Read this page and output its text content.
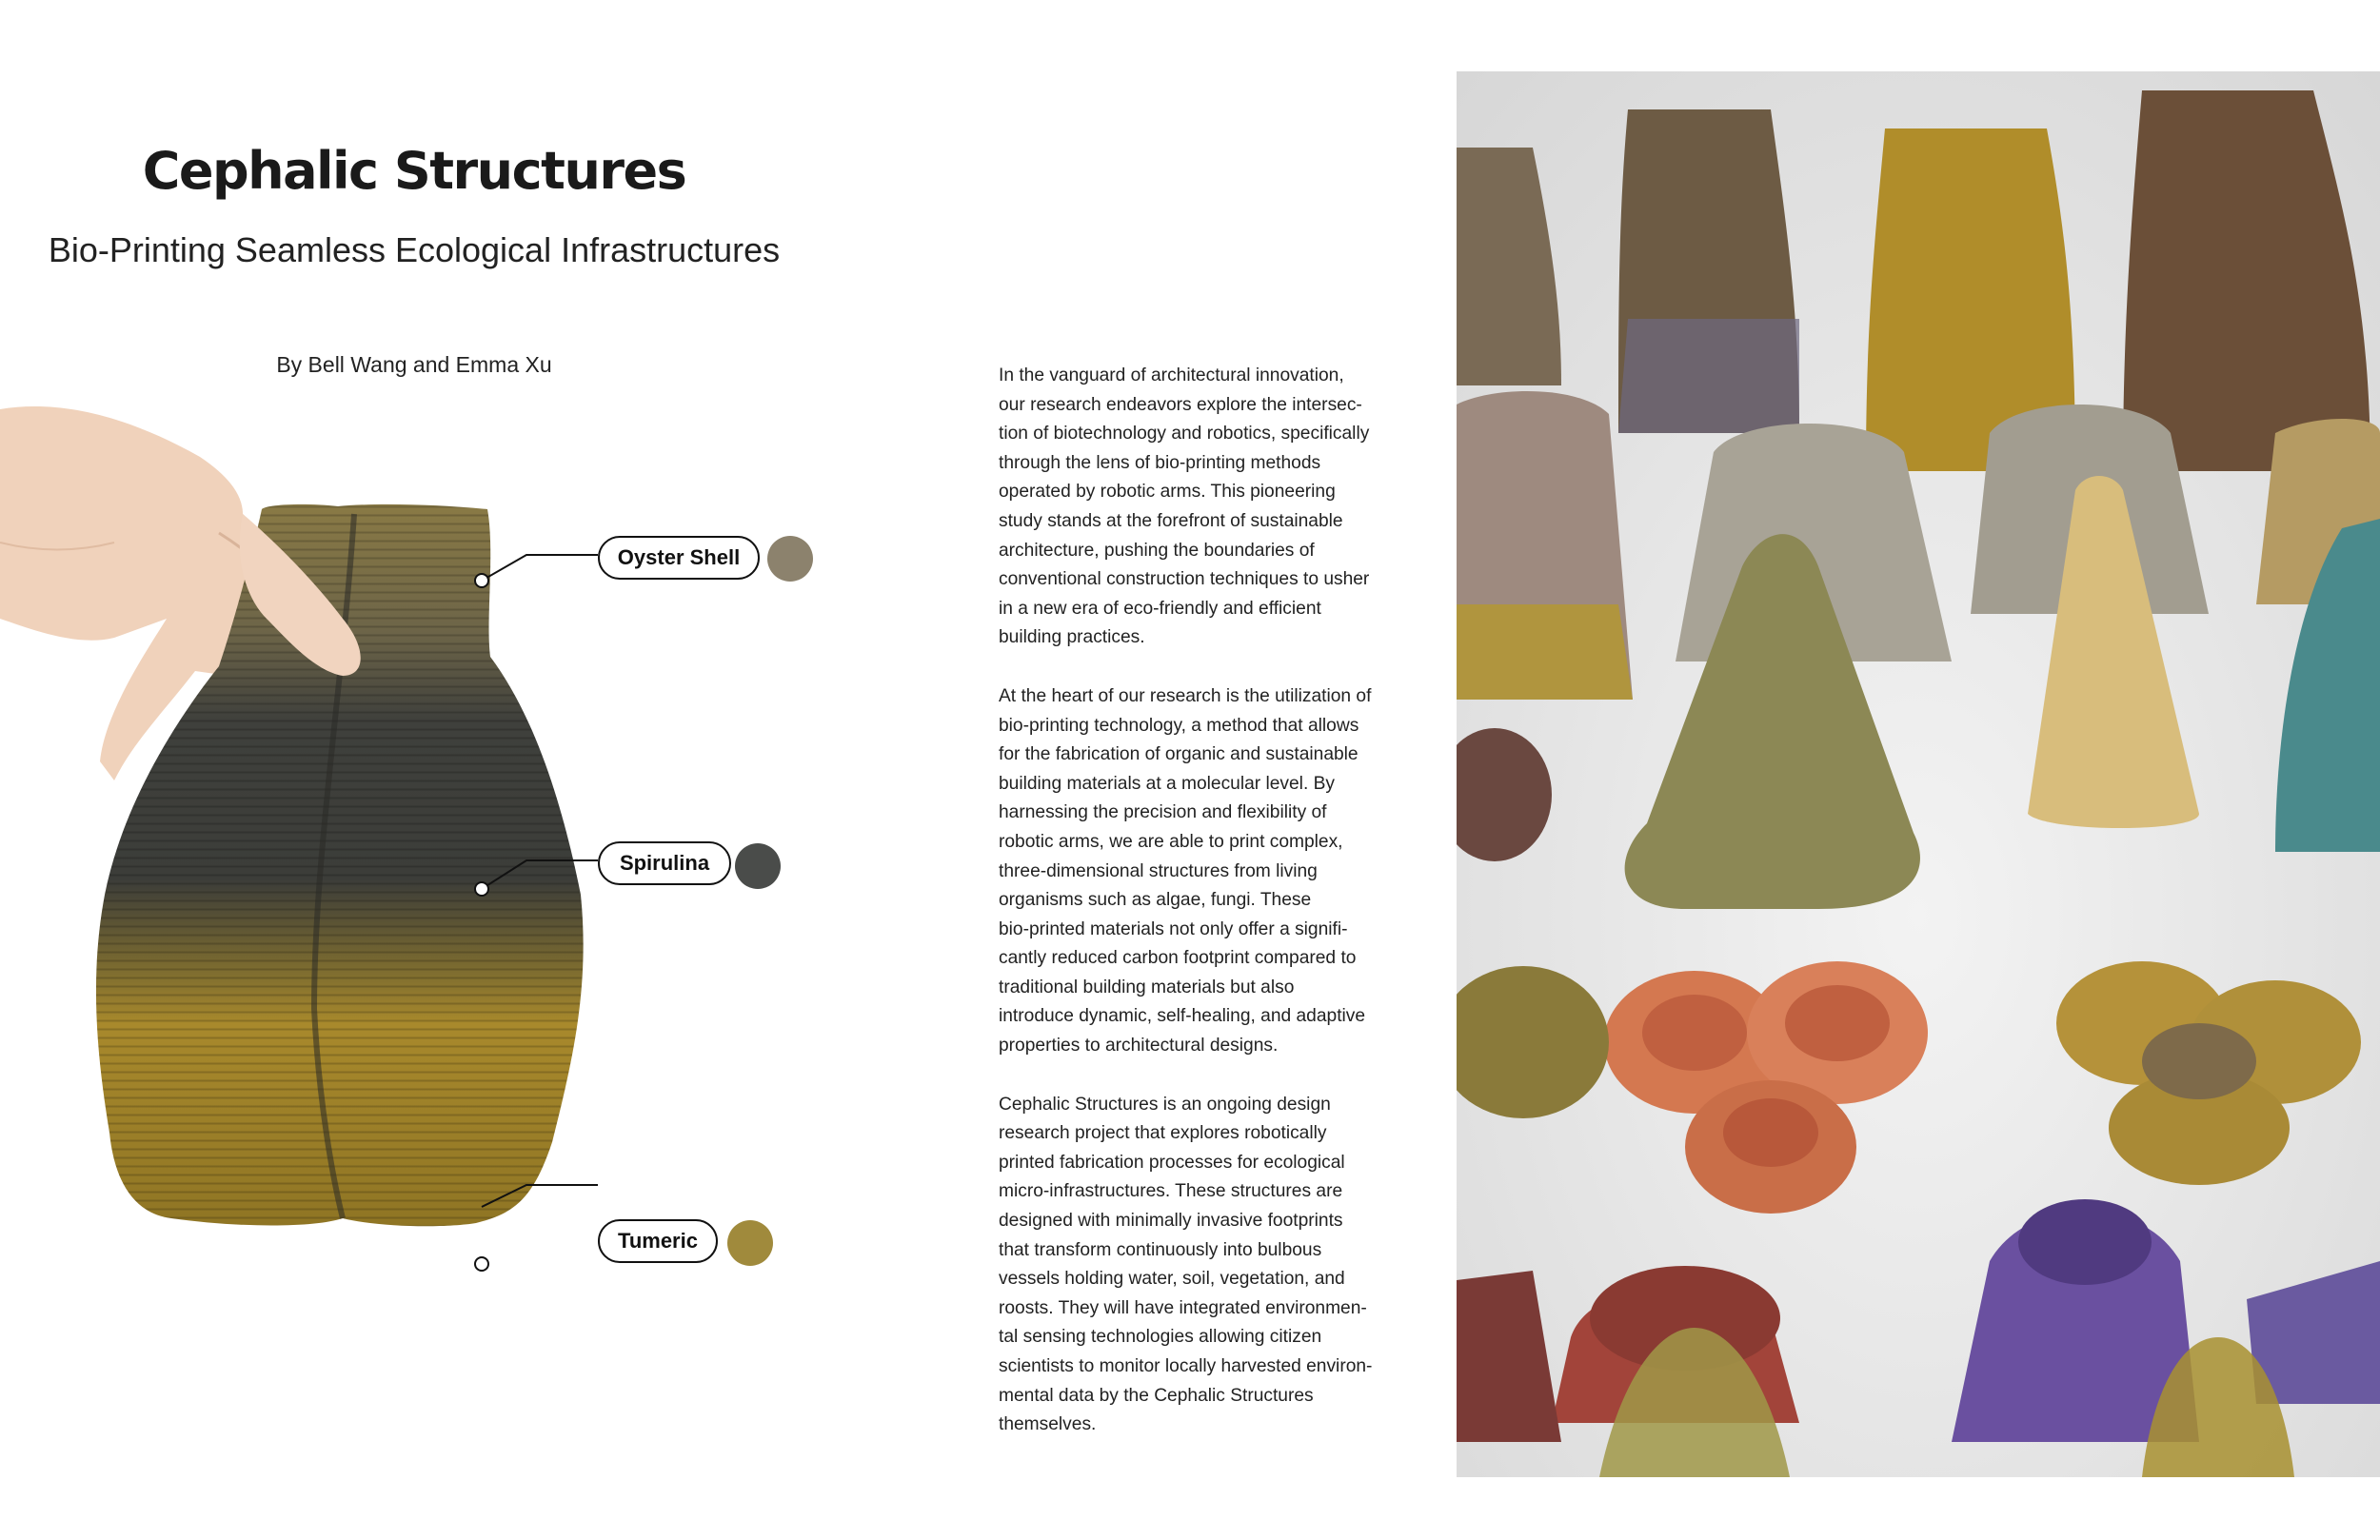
Cephalic Structures
Bio-Printing Seamless Ecological Infrastructures
By Bell Wang and Emma Xu
Oyster Shell
Spirulina
Tumeric

In the vanguard of architectural innovation,
our research endeavors explore the intersec-
tion of biotechnology and robotics, specifically
through the lens of bio-printing methods
operated by robotic arms. This pioneering
study stands at the forefront of sustainable
architecture, pushing the boundaries of
conventional construction techniques to usher
in a new era of eco-friendly and efficient
building practices.

At the heart of our research is the utilization of
bio-printing technology, a method that allows
for the fabrication of organic and sustainable
building materials at a molecular level. By
harnessing the precision and flexibility of
robotic arms, we are able to print complex,
three-dimensional structures from living
organisms such as algae, fungi. These
bio-printed materials not only offer a signifi-
cantly reduced carbon footprint compared to
traditional building materials but also
introduce dynamic, self-healing, and adaptive
properties to architectural designs.

Cephalic Structures is an ongoing design
research project that explores robotically
printed fabrication processes for ecological
micro-infrastructures. These structures are
designed with minimally invasive footprints
that transform continuously into bulbous
vessels holding water, soil, vegetation, and
roosts. They will have integrated environmen-
tal sensing technologies allowing citizen
scientists to monitor locally harvested environ-
mental data by the Cephalic Structures
themselves.
